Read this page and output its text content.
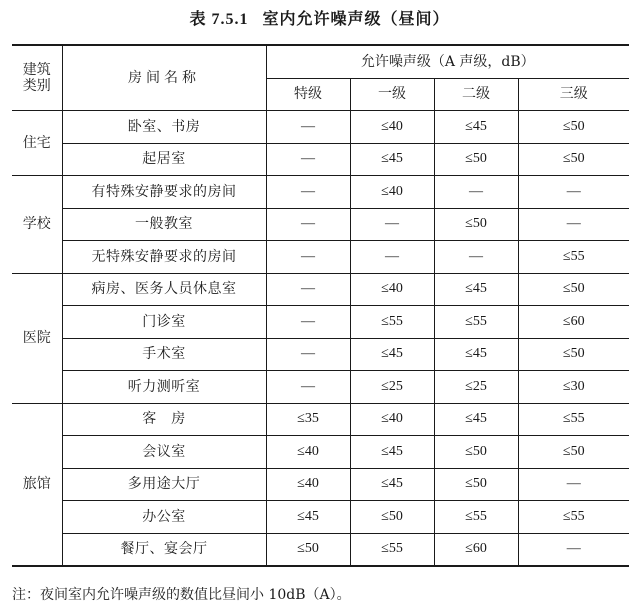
表 7.5.1 室内允许噪声级（昼间）
建筑
类别	房间名称	允许噪声级（A 声级，dB）			
		特级	一级	二级	三级
住宅	卧室、书房	—	≤40	≤45	≤50
	起居室	—	≤45	≤50	≤50
学校	有特殊安静要求的房间	—	≤40	—	—
	一般教室	—	—	≤50	—
	无特殊安静要求的房间	—	—	—	≤55
医院	病房、医务人员休息室	—	≤40	≤45	≤50
	门诊室	—	≤55	≤55	≤60
	手术室	—	≤45	≤45	≤50
	听力测听室	—	≤25	≤25	≤30
旅馆	客　房	≤35	≤40	≤45	≤55
	会议室	≤40	≤45	≤50	≤50
	多用途大厅	≤40	≤45	≤50	—
	办公室	≤45	≤50	≤55	≤55
	餐厅、宴会厅	≤50	≤55	≤60	—
注：夜间室内允许噪声级的数值比昼间小 10dB（A）。
